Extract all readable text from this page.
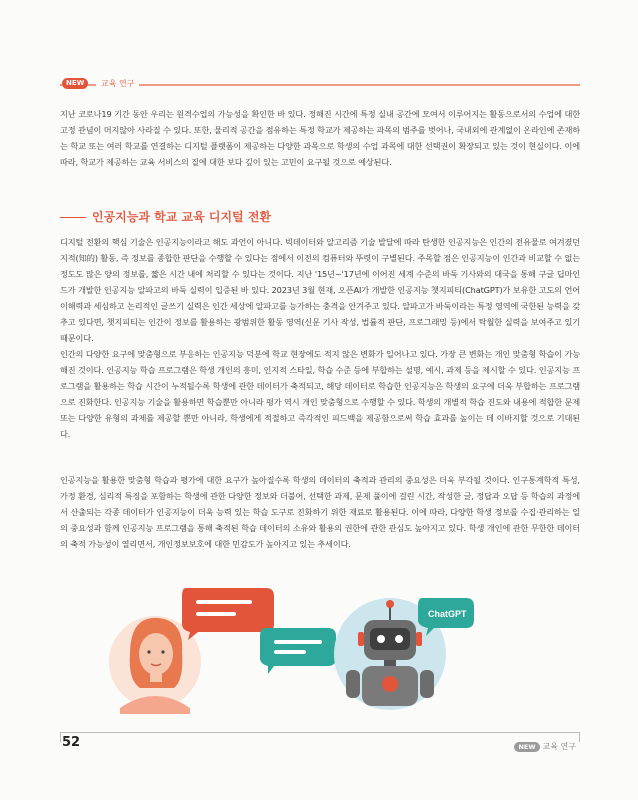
NEW	교육 연구

지난 코로나19 기간 동안 우리는 원격수업의 가능성을 확인한 바 있다. 정해진 시간에 특정 실내 공간에 모여서 이루어지는 활동으로서의 수업에 대한 고정 관념이 머지않아 사라질 수 있다. 또한, 물리적 공간을 점유하는 특정 학교가 제공하는 과목의 범주를 벗어나, 국내외에 관계없이 온라인에 존재하는 학교 또는 여러 학교를 연결하는 디지털 플랫폼이 제공하는 다양한 과목으로 학생의 수업 과목에 대한 선택권이 확장되고 있는 것이 현실이다. 이에 따라, 학교가 제공하는 교육 서비스의 질에 대한 보다 깊이 있는 고민이 요구될 것으로 예상된다.

인공지능과 학교 교육 디지털 전환

디지털 전환의 핵심 기술은 인공지능이라고 해도 과언이 아니다. 빅데이터와 알고리즘 기술 발달에 따라 탄생한 인공지능은 인간의 전유물로 여겨졌던 지적(知的) 활동, 즉 정보를 종합한 판단을 수행할 수 있다는 점에서 이전의 컴퓨터와 뚜렷이 구별된다. 주목할 점은 인공지능이 인간과 비교할 수 없는 정도도 많은 양의 정보를, 짧은 시간 내에 처리할 수 있다는 것이다. 지난 '15년~'17년에 이어진 세계 수준의 바둑 기사와의 대국을 통해 구글 딥마인드가 개발한 인공지능 알파고의 바둑 실력이 입증된 바 있다. 2023년 3월 현재, 오픈AI가 개발한 인공지능 챗지피티(ChatGPT)가 보유한 고도의 언어 이해력과 세심하고 논리적인 글쓰기 실력은 인간 세상에 알파고를 능가하는 충격을 안겨주고 있다. 알파고가 바둑이라는 특정 영역에 국한된 능력을 갖추고 있다면, 챗지피티는 인간이 정보를 활용하는 광범위한 활동 영역(신문 기사 작성, 법률적 판단, 프로그래밍 등)에서 탁월한 실력을 보여주고 있기 때문이다.

인간의 다양한 요구에 맞춤형으로 부응하는 인공지능 덕분에 학교 현장에도 적지 않은 변화가 일어나고 있다. 가장 큰 변화는 개인 맞춤형 학습이 가능해진 것이다. 인공지능 학습 프로그램은 학생 개인의 흥미, 인지적 스타일, 학습 수준 등에 부합하는 설명, 예시, 과제 등을 제시할 수 있다. 인공지능 프로그램을 활용하는 학습 시간이 누적될수록 학생에 관한 데이터가 축적되고, 해당 데이터로 학습한 인공지능은 학생의 요구에 더욱 부합하는 프로그램으로 진화한다. 인공지능 기술을 활용하면 학습뿐만 아니라 평가 역시 개인 맞춤형으로 수행할 수 있다. 학생의 개별적 학습 진도와 내용에 적합한 문제 또는 다양한 유형의 과제를 제공할 뿐만 아니라, 학생에게 적절하고 즉각적인 피드백을 제공함으로써 학습 효과를 높이는 데 이바지할 것으로 기대된다.

인공지능을 활용한 맞춤형 학습과 평가에 대한 요구가 높아질수록 학생의 데이터의 축적과 관리의 중요성은 더욱 부각될 것이다. 인구통계학적 특성, 가정 환경, 심리적 특징을 포함하는 학생에 관한 다양한 정보와 더불어, 선택한 과제, 문제 풀이에 걸린 시간, 작성한 글, 정답과 오답 등 학습의 과정에서 산출되는 각종 데이터가 인공지능이 더욱 능력 있는 학습 도구로 진화하기 위한 재료로 활용된다. 이에 따라, 다양한 학생 정보를 수집·관리하는 일의 중요성과 함께 인공지능 프로그램을 통해 축적된 학습 데이터의 소유와 활용의 권한에 관한 관심도 높아지고 있다. 학생 개인에 관한 무한한 데이터의 축적 가능성이 열리면서, 개인정보보호에 대한 민감도가 높아지고 있는 추세이다.

ChatGPT
52	NEW 교육 연구
